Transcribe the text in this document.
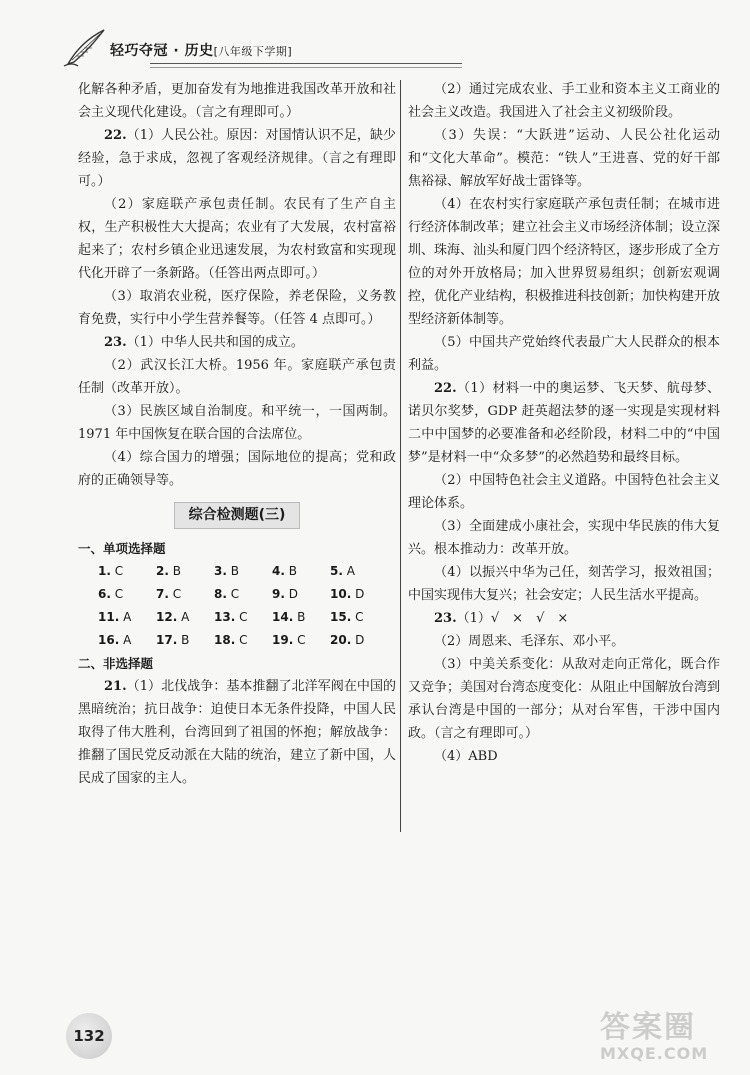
轻巧夺冠 · 历史[八年级下学期]

化解各种矛盾，更加奋发有为地推进我国改革开放和社会主义现代化建设。（言之有理即可。）

22.（1）人民公社。原因：对国情认识不足，缺少经验，急于求成，忽视了客观经济规律。（言之有理即可。）

（2）家庭联产承包责任制。农民有了生产自主权，生产积极性大大提高；农业有了大发展，农村富裕起来了；农村乡镇企业迅速发展，为农村致富和实现现代化开辟了一条新路。（任答出两点即可。）

（3）取消农业税，医疗保险，养老保险，义务教育免费，实行中小学生营养餐等。（任答 4 点即可。）

23.（1）中华人民共和国的成立。

（2）武汉长江大桥。1956 年。家庭联产承包责任制（改革开放）。

（3）民族区域自治制度。和平统一，一国两制。1971 年中国恢复在联合国的合法席位。

（4）综合国力的增强；国际地位的提高；党和政府的正确领导等。

综合检测题(三)

一、单项选择题

1. C	2. B	3. B	4. B	5. A
6. C	7. C	8. C	9. D	10. D
11. A	12. A	13. C	14. B	15. C
16. A	17. B	18. C	19. C	20. D

二、非选择题

21.（1）北伐战争：基本推翻了北洋军阀在中国的黑暗统治；抗日战争：迫使日本无条件投降，中国人民取得了伟大胜利，台湾回到了祖国的怀抱；解放战争：推翻了国民党反动派在大陆的统治，建立了新中国，人民成了国家的主人。

（2）通过完成农业、手工业和资本主义工商业的社会主义改造。我国进入了社会主义初级阶段。

（3）失误：“大跃进”运动、人民公社化运动和“文化大革命”。模范：“铁人”王进喜、党的好干部焦裕禄、解放军好战士雷锋等。

（4）在农村实行家庭联产承包责任制；在城市进行经济体制改革；建立社会主义市场经济体制；设立深圳、珠海、汕头和厦门四个经济特区，逐步形成了全方位的对外开放格局；加入世界贸易组织；创新宏观调控，优化产业结构，积极推进科技创新；加快构建开放型经济新体制等。

（5）中国共产党始终代表最广大人民群众的根本利益。

22.（1）材料一中的奥运梦、飞天梦、航母梦、诺贝尔奖梦，GDP 赶英超法梦的逐一实现是实现材料二中中国梦的必要准备和必经阶段，材料二中的“中国梦”是材料一中“众多梦”的必然趋势和最终目标。

（2）中国特色社会主义道路。中国特色社会主义理论体系。

（3）全面建成小康社会，实现中华民族的伟大复兴。根本推动力：改革开放。

（4）以振兴中华为己任，刻苦学习，报效祖国；中国实现伟大复兴；社会安定；人民生活水平提高。

23.（1）√　×　√　×

（2）周恩来、毛泽东、邓小平。

（3）中美关系变化：从敌对走向正常化，既合作又竞争；美国对台湾态度变化：从阻止中国解放台湾到承认台湾是中国的一部分；从对台军售，干涉中国内政。（言之有理即可。）

（4）ABD

132	答案圈
MXQE.COM
